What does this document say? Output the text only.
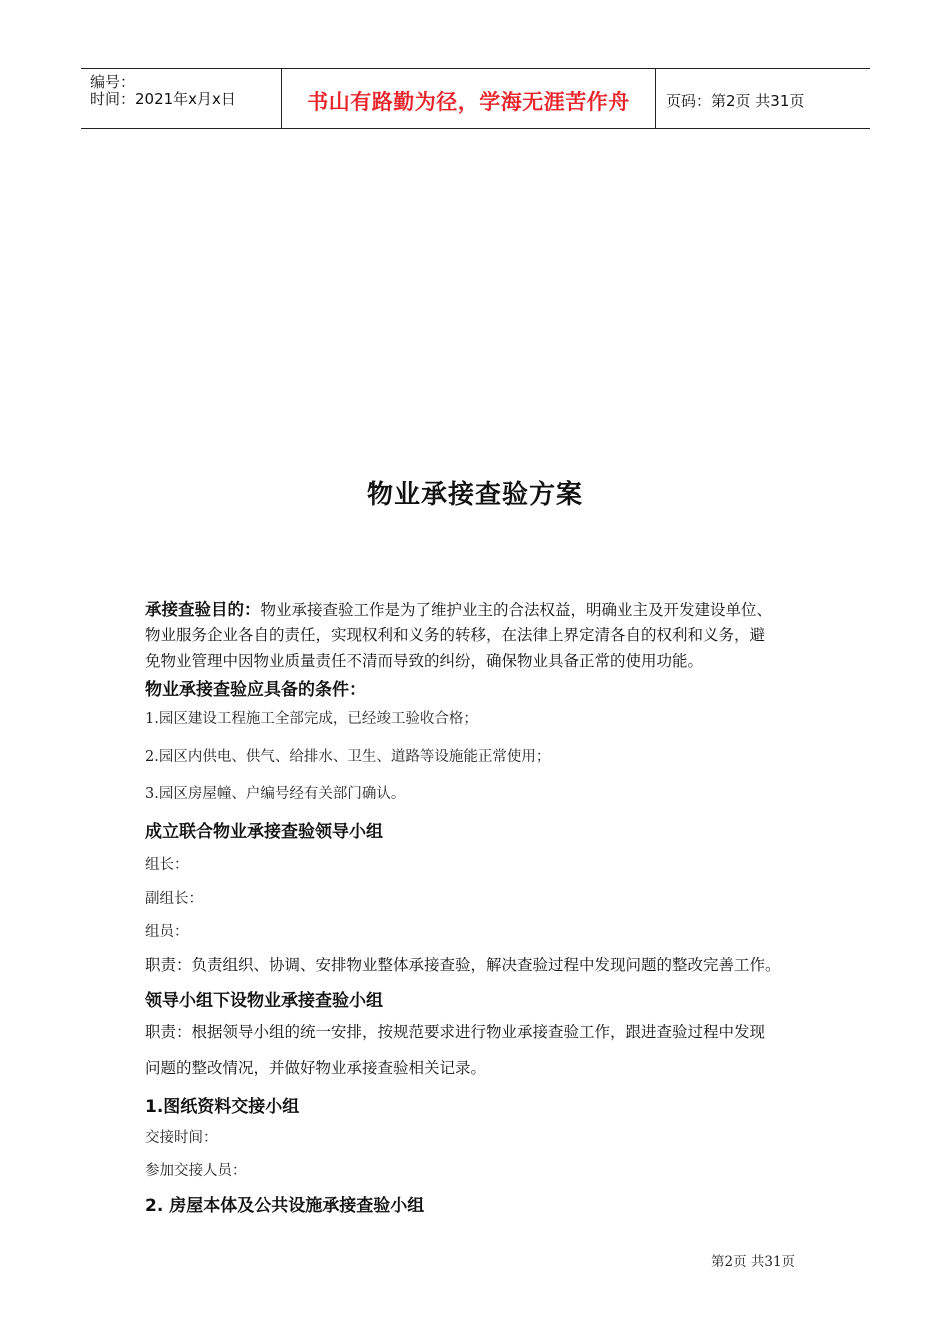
编号：
时间：2021年x月x日	书山有路勤为径，学海无涯苦作舟	页码：第2页 共31页
物业承接查验方案
承接查验目的：物业承接查验工作是为了维护业主的合法权益，明确业主及开发建设单位、
物业服务企业各自的责任，实现权利和义务的转移，在法律上界定清各自的权利和义务，避
免物业管理中因物业质量责任不清而导致的纠纷，确保物业具备正常的使用功能。
物业承接查验应具备的条件：
1.园区建设工程施工全部完成，已经竣工验收合格；
2.园区内供电、供气、给排水、卫生、道路等设施能正常使用；
3.园区房屋幢、户编号经有关部门确认。
成立联合物业承接查验领导小组
组长：
副组长：
组员：
职责：负责组织、协调、安排物业整体承接查验，解决查验过程中发现问题的整改完善工作。
领导小组下设物业承接查验小组
职责：根据领导小组的统一安排，按规范要求进行物业承接查验工作，跟进查验过程中发现
问题的整改情况，并做好物业承接查验相关记录。
1.图纸资料交接小组
交接时间：
参加交接人员：
2. 房屋本体及公共设施承接查验小组
第2页 共31页
